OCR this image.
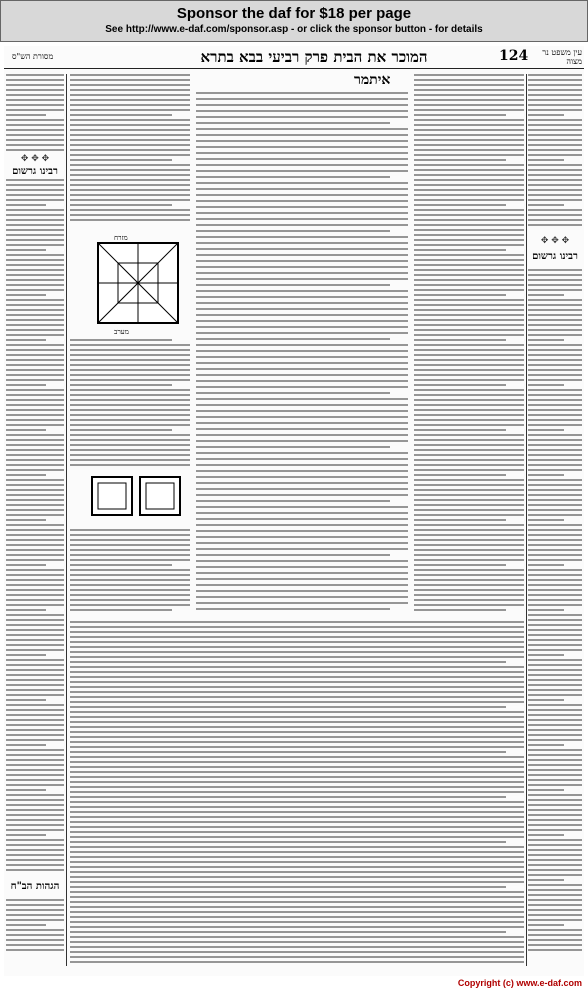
Sponsor the daf for $18 per page
See http://www.e-daf.com/sponsor.asp - or click the sponsor button - for details
מסורת הש"ס	המוכר את הבית פרק רביעי בבא בתרא	124	עין משפט נר מצוה
רבינו גרשום
✥ ✥ ✥
הגהות הב"ח
איתמר
✥ ✥ ✥
רבינו גרשום
מזרח
מערב
Copyright (c) www.e-daf.com
